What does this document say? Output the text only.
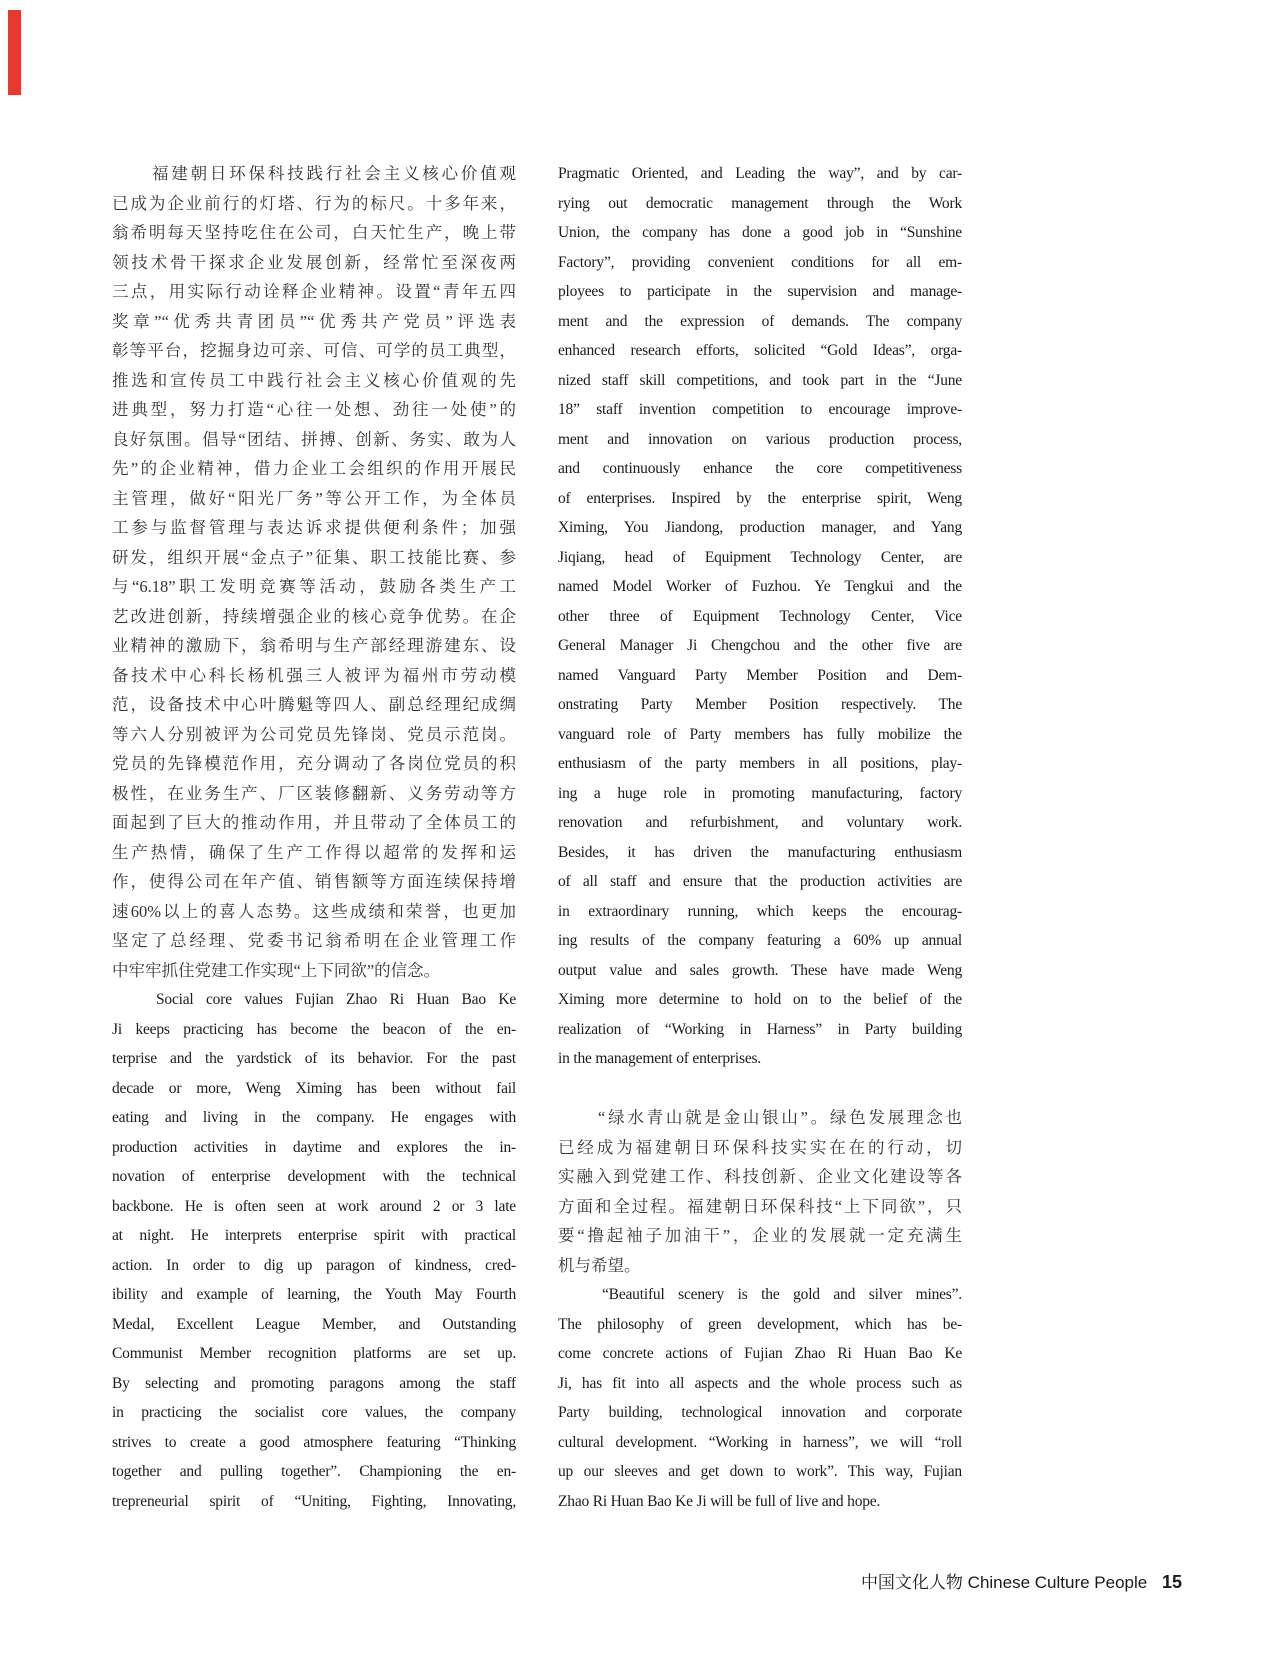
福建朝日环保科技践行社会主义核心价值观
已成为企业前行的灯塔、行为的标尺。十多年来，
翁希明每天坚持吃住在公司，白天忙生产，晚上带
领技术骨干探求企业发展创新，经常忙至深夜两
三点，用实际行动诠释企业精神。设置“青年五四
奖章”“优秀共青团员”“优秀共产党员”评选表
彰等平台，挖掘身边可亲、可信、可学的员工典型，
推选和宣传员工中践行社会主义核心价值观的先
进典型，努力打造“心往一处想、劲往一处使”的
良好氛围。倡导“团结、拼搏、创新、务实、敢为人
先”的企业精神，借力企业工会组织的作用开展民
主管理，做好“阳光厂务”等公开工作，为全体员
工参与监督管理与表达诉求提供便利条件；加强
研发，组织开展“金点子”征集、职工技能比赛、参
与“6.18”职工发明竞赛等活动，鼓励各类生产工
艺改进创新，持续增强企业的核心竞争优势。在企
业精神的激励下，翁希明与生产部经理游建东、设
备技术中心科长杨机强三人被评为福州市劳动模
范，设备技术中心叶腾魁等四人、副总经理纪成绸
等六人分别被评为公司党员先锋岗、党员示范岗。
党员的先锋模范作用，充分调动了各岗位党员的积
极性，在业务生产、厂区装修翻新、义务劳动等方
面起到了巨大的推动作用，并且带动了全体员工的
生产热情，确保了生产工作得以超常的发挥和运
作，使得公司在年产值、销售额等方面连续保持增
速60%以上的喜人态势。这些成绩和荣誉，也更加
坚定了总经理、党委书记翁希明在企业管理工作
中牢牢抓住党建工作实现“上下同欲”的信念。
Social core values Fujian Zhao Ri Huan Bao Ke
Ji keeps practicing has become the beacon of the en-
terprise and the yardstick of its behavior. For the past
decade or more, Weng Ximing has been without fail
eating and living in the company. He engages with
production activities in daytime and explores the in-
novation of enterprise development with the technical
backbone. He is often seen at work around 2 or 3 late
at night. He interprets enterprise spirit with practical
action. In order to dig up paragon of kindness, cred-
ibility and example of learning, the Youth May Fourth
Medal, Excellent League Member, and Outstanding
Communist Member recognition platforms are set up.
By selecting and promoting paragons among the staff
in practicing the socialist core values, the company
strives to create a good atmosphere featuring “Thinking
together and pulling together”. Championing the en-
trepreneurial spirit of “Uniting, Fighting, Innovating,
Pragmatic Oriented, and Leading the way”, and by car-
rying out democratic management through the Work
Union, the company has done a good job in “Sunshine
Factory”, providing convenient conditions for all em-
ployees to participate in the supervision and manage-
ment and the expression of demands. The company
enhanced research efforts, solicited “Gold Ideas”, orga-
nized staff skill competitions, and took part in the “June
18” staff invention competition to encourage improve-
ment and innovation on various production process,
and continuously enhance the core competitiveness
of enterprises. Inspired by the enterprise spirit, Weng
Ximing, You Jiandong, production manager, and Yang
Jiqiang, head of Equipment Technology Center, are
named Model Worker of Fuzhou. Ye Tengkui and the
other three of Equipment Technology Center, Vice
General Manager Ji Chengchou and the other five are
named Vanguard Party Member Position and Dem-
onstrating Party Member Position respectively. The
vanguard role of Party members has fully mobilize the
enthusiasm of the party members in all positions, play-
ing a huge role in promoting manufacturing, factory
renovation and refurbishment, and voluntary work.
Besides, it has driven the manufacturing enthusiasm
of all staff and ensure that the production activities are
in extraordinary running, which keeps the encourag-
ing results of the company featuring a 60% up annual
output value and sales growth. These have made Weng
Ximing more determine to hold on to the belief of the
realization of “Working in Harness” in Party building
in the management of enterprises.
“绿水青山就是金山银山”。绿色发展理念也
已经成为福建朝日环保科技实实在在的行动，切
实融入到党建工作、科技创新、企业文化建设等各
方面和全过程。福建朝日环保科技“上下同欲”，只
要“撸起袖子加油干”，企业的发展就一定充满生
机与希望。
“Beautiful scenery is the gold and silver mines”.
The philosophy of green development, which has be-
come concrete actions of Fujian Zhao Ri Huan Bao Ke
Ji, has fit into all aspects and the whole process such as
Party building, technological innovation and corporate
cultural development. “Working in harness”, we will “roll
up our sleeves and get down to work”. This way, Fujian
Zhao Ri Huan Bao Ke Ji will be full of live and hope.
中国文化人物 Chinese Culture People 15
